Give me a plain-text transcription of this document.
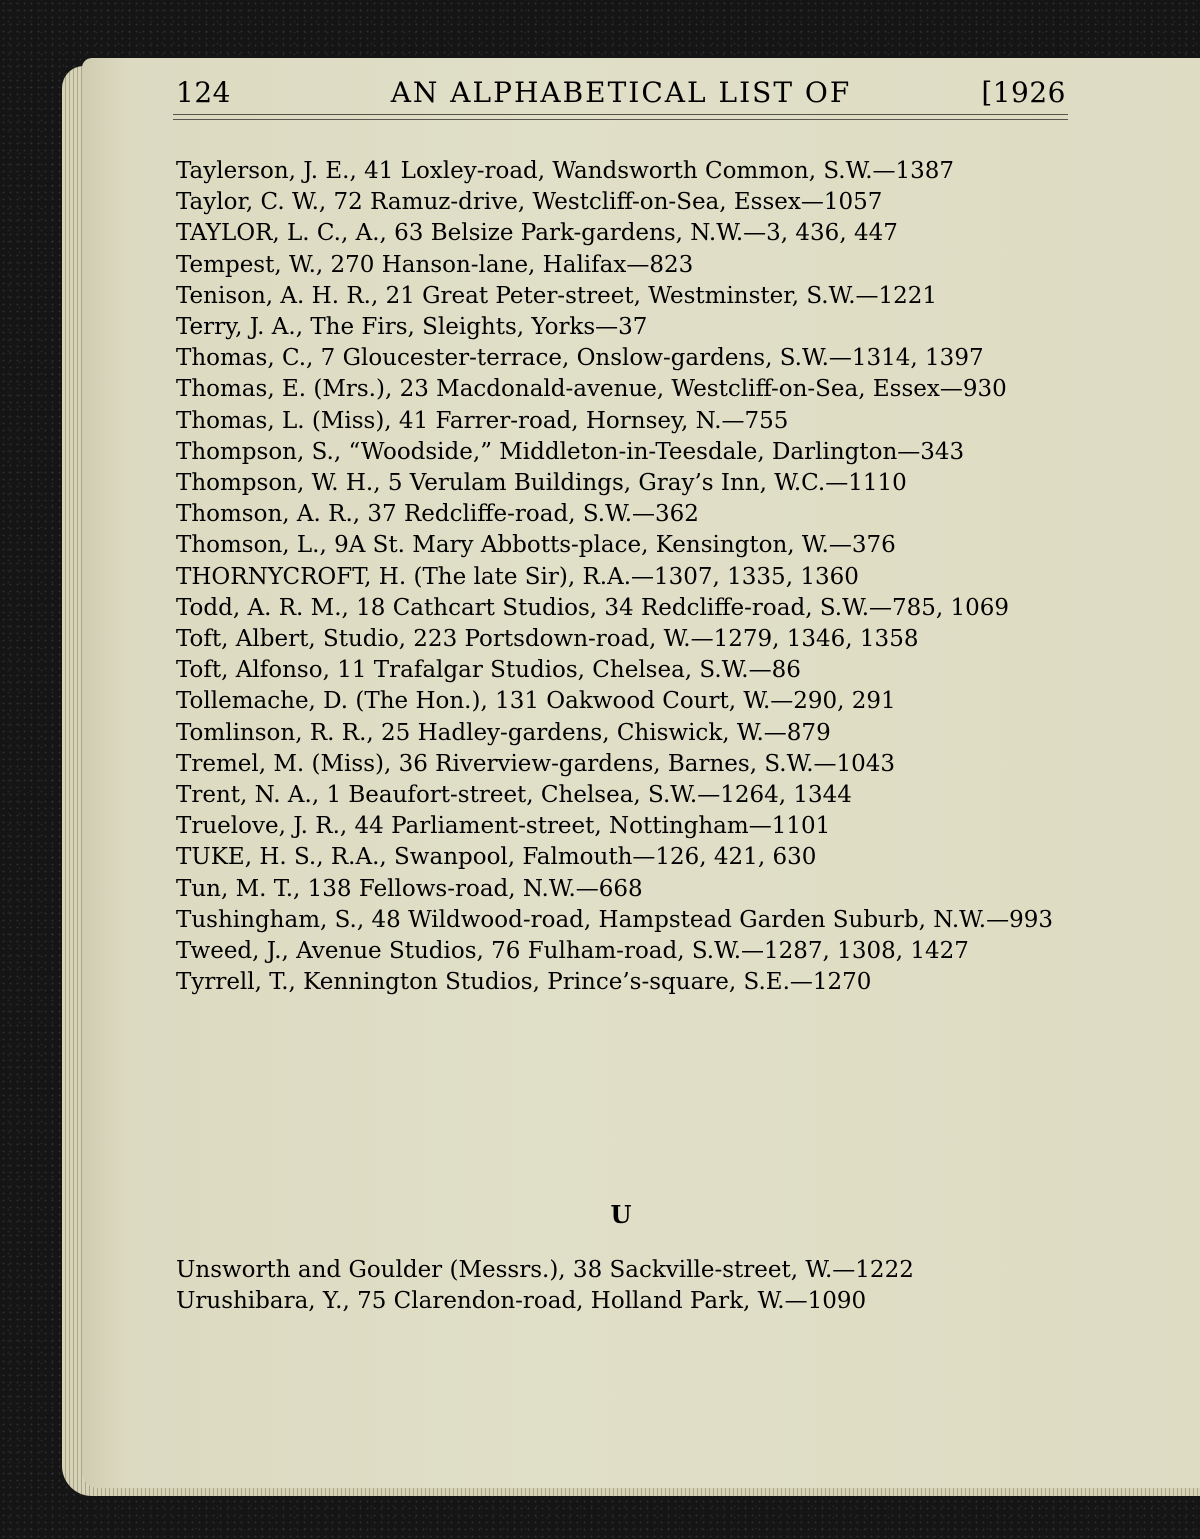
AN ALPHABETICAL LIST OF
124	[1926

Taylerson, J. E., 41 Loxley-road, Wandsworth Common, S.W.—1387

Taylor, C. W., 72 Ramuz-drive, Westcliff-on-Sea, Essex—1057

TAYLOR, L. C., A., 63 Belsize Park-gardens, N.W.—3, 436, 447

Tempest, W., 270 Hanson-lane, Halifax—823

Tenison, A. H. R., 21 Great Peter-street, Westminster, S.W.—1221

Terry, J. A., The Firs, Sleights, Yorks—37

Thomas, C., 7 Gloucester-terrace, Onslow-gardens, S.W.—1314, 1397

Thomas, E. (Mrs.), 23 Macdonald-avenue, Westcliff-on-Sea, Essex—930

Thomas, L. (Miss), 41 Farrer-road, Hornsey, N.—755

Thompson, S., “Woodside,” Middleton-in-Teesdale, Darlington—343

Thompson, W. H., 5 Verulam Buildings, Gray’s Inn, W.C.—1110

Thomson, A. R., 37 Redcliffe-road, S.W.—362

Thomson, L., 9A St. Mary Abbotts-place, Kensington, W.—376

THORNYCROFT, H. (The late Sir), R.A.—1307, 1335, 1360

Todd, A. R. M., 18 Cathcart Studios, 34 Redcliffe-road, S.W.—785, 1069

Toft, Albert, Studio, 223 Portsdown-road, W.—1279, 1346, 1358

Toft, Alfonso, 11 Trafalgar Studios, Chelsea, S.W.—86

Tollemache, D. (The Hon.), 131 Oakwood Court, W.—290, 291

Tomlinson, R. R., 25 Hadley-gardens, Chiswick, W.—879

Tremel, M. (Miss), 36 Riverview-gardens, Barnes, S.W.—1043

Trent, N. A., 1 Beaufort-street, Chelsea, S.W.—1264, 1344

Truelove, J. R., 44 Parliament-street, Nottingham—1101

TUKE, H. S., R.A., Swanpool, Falmouth—126, 421, 630

Tun, M. T., 138 Fellows-road, N.W.—668

Tushingham, S., 48 Wildwood-road, Hampstead Garden Suburb, N.W.—993

Tweed, J., Avenue Studios, 76 Fulham-road, S.W.—1287, 1308, 1427

Tyrrell, T., Kennington Studios, Prince’s-square, S.E.—1270

U

Unsworth and Goulder (Messrs.), 38 Sackville-street, W.—1222

Urushibara, Y., 75 Clarendon-road, Holland Park, W.—1090
